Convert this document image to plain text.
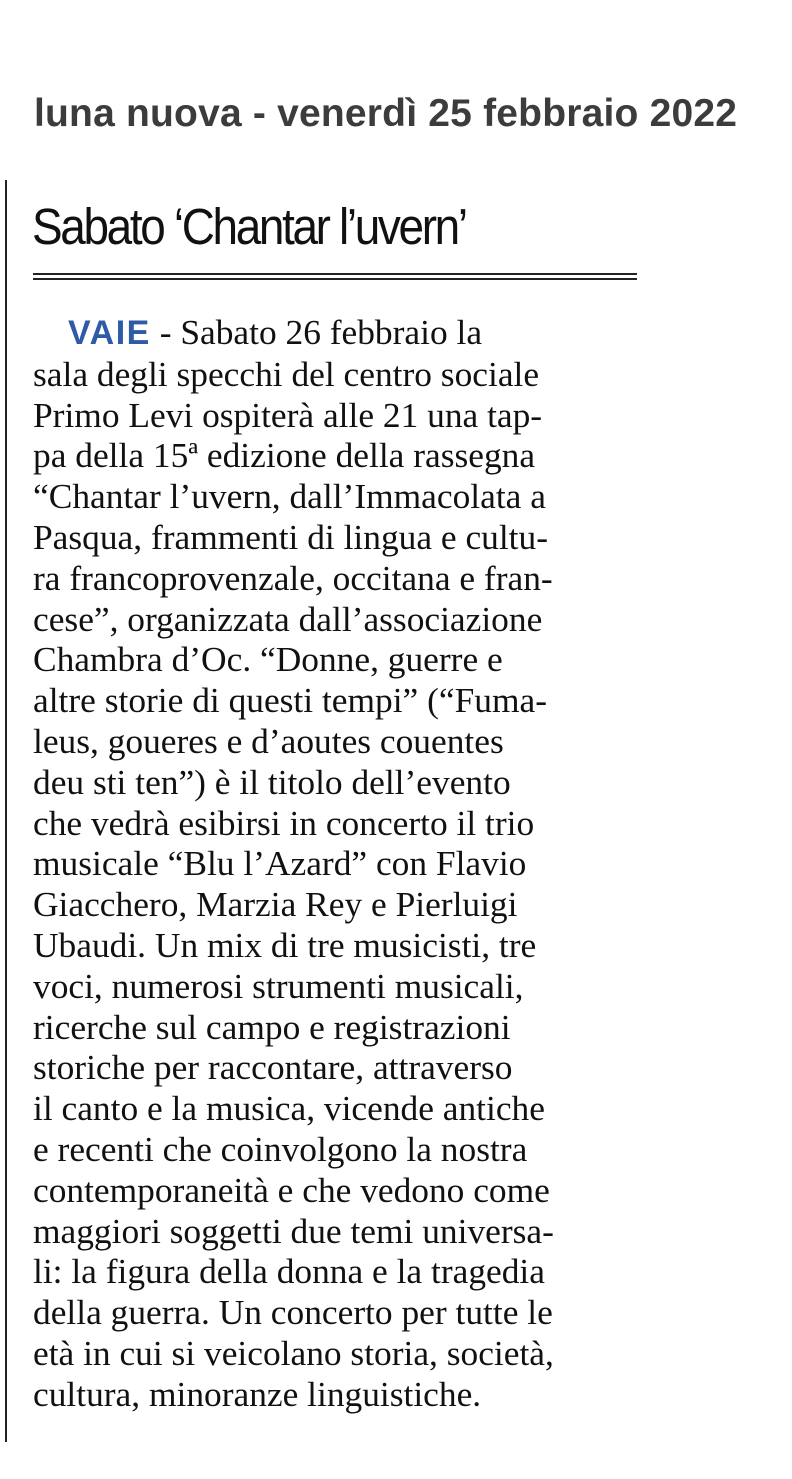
luna nuova - venerdì 25 febbraio 2022
Sabato ‘Chantar l’uvern’
VAIE - Sabato 26 febbraio la
sala degli specchi del centro sociale
Primo Levi ospiterà alle 21 una tap-
pa della 15ª edizione della rassegna
“Chantar l’uvern, dall’Immacolata a
Pasqua, frammenti di lingua e cultu-
ra francoprovenzale, occitana e fran-
cese”, organizzata dall’associazione
Chambra d’Oc. “Donne, guerre e
altre storie di questi tempi” (“Fuma-
leus, goueres e d’aoutes couentes
deu sti ten”) è il titolo dell’evento
che vedrà esibirsi in concerto il trio
musicale “Blu l’Azard” con Flavio
Giacchero, Marzia Rey e Pierluigi
Ubaudi. Un mix di tre musicisti, tre
voci, numerosi strumenti musicali,
ricerche sul campo e registrazioni
storiche per raccontare, attraverso
il canto e la musica, vicende antiche
e recenti che coinvolgono la nostra
contemporaneità e che vedono come
maggiori soggetti due temi universa-
li: la figura della donna e la tragedia
della guerra. Un concerto per tutte le
età in cui si veicolano storia, società,
cultura, minoranze linguistiche.
